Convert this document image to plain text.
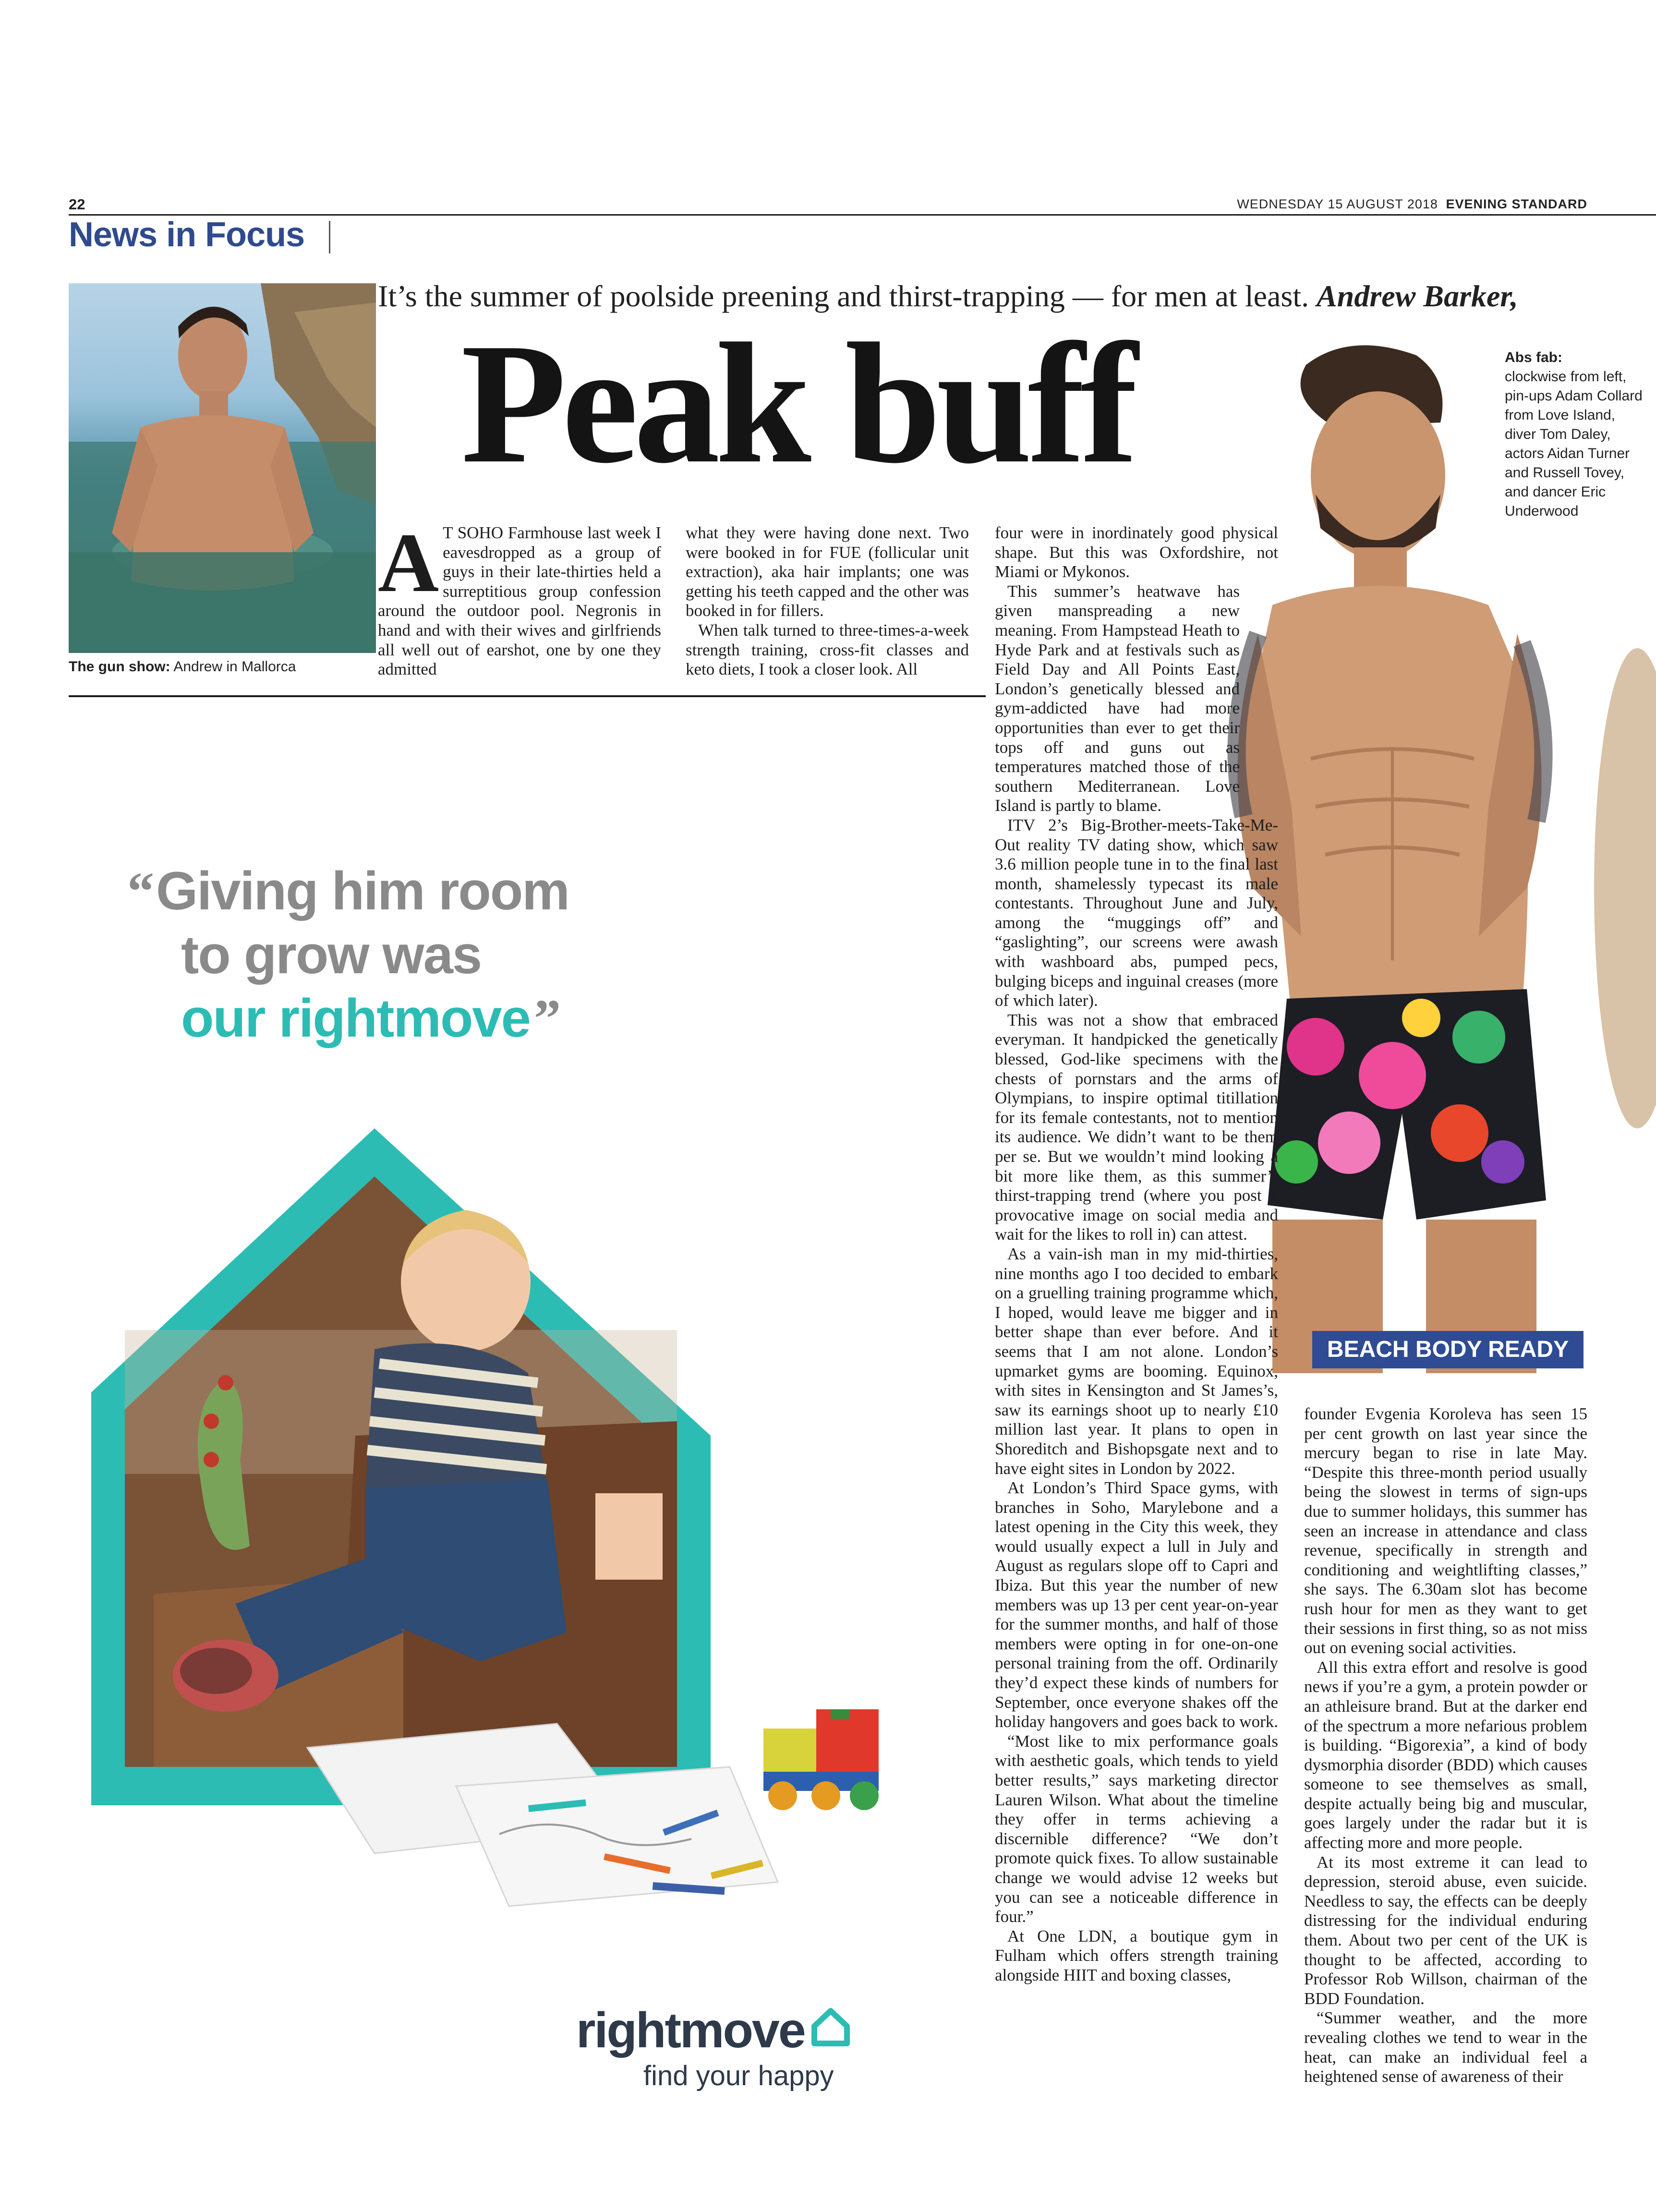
22	WEDNESDAY 15 AUGUST 2018 EVENING STANDARD
News in Focus
The gun show: Andrew in Mallorca
It’s the summer of poolside preening and thirst-trapping — for men at least. Andrew Barker,
Peak buff	Abs fab:
clockwise from left, pin-ups Adam Collard from Love Island, diver Tom Daley, actors Aidan Turner and Russell Tovey, and dancer Eric Underwood
BEACH BODY READY
A T SOHO Farmhouse last week I eavesdropped as a group of guys in their late-thirties held a surreptitious group confession around the outdoor pool. Negronis in hand and with their wives and girlfriends all well out of earshot, one by one they admitted

what they were having done next. Two were booked in for FUE (follicular unit extraction), aka hair implants; one was getting his teeth capped and the other was booked in for fillers.

When talk turned to three-times-a-week strength training, cross-fit classes and keto diets, I took a closer look. All

four were in inordinately good physical shape. But this was Oxfordshire, not Miami or Mykonos.

This summer’s heatwave has given manspreading a new meaning. From Hampstead Heath to Hyde Park and at festivals such as Field Day and All Points East, London’s genetically blessed and gym-addicted have had more opportunities than ever to get their tops off and guns out as temperatures matched those of the southern Mediterranean. Love Island is partly to blame.

ITV 2’s Big-Brother-meets-Take-Me-Out reality TV dating show, which saw 3.6 million people tune in to the final last month, shamelessly typecast its male contestants. Throughout June and July, among the “muggings off” and “gaslighting”, our screens were awash with washboard abs, pumped pecs, bulging biceps and inguinal creases (more of which later).

This was not a show that embraced everyman. It handpicked the genetically blessed, God-like specimens with the chests of pornstars and the arms of Olympians, to inspire optimal titillation for its female contestants, not to mention its audience. We didn’t want to be them per se. But we wouldn’t mind looking a bit more like them, as this summer’s thirst-trapping trend (where you post a provocative image on social media and wait for the likes to roll in) can attest.

As a vain-ish man in my mid-thirties, nine months ago I too decided to embark on a gruelling training programme which, I hoped, would leave me bigger and in better shape than ever before. And it seems that I am not alone. London’s upmarket gyms are booming. Equinox, with sites in Kensington and St James’s, saw its earnings shoot up to nearly £10 million last year. It plans to open in Shoreditch and Bishopsgate next and to have eight sites in London by 2022.

At London’s Third Space gyms, with branches in Soho, Marylebone and a latest opening in the City this week, they would usually expect a lull in July and August as regulars slope off to Capri and Ibiza. But this year the number of new members was up 13 per cent year-on-year for the summer months, and half of those members were opting in for one-on-one personal training from the off. Ordinarily they’d expect these kinds of numbers for September, once everyone shakes off the holiday hangovers and goes back to work.

“Most like to mix performance goals with aesthetic goals, which tends to yield better results,” says marketing director Lauren Wilson. What about the timeline they offer in terms achieving a discernible difference? “We don’t promote quick fixes. To allow sustainable change we would advise 12 weeks but you can see a noticeable difference in four.”

At One LDN, a boutique gym in Fulham which offers strength training alongside HIIT and boxing classes,

founder Evgenia Koroleva has seen 15 per cent growth on last year since the mercury began to rise in late May. “Despite this three-month period usually being the slowest in terms of sign-ups due to summer holidays, this summer has seen an increase in attendance and class revenue, specifically in strength and conditioning and weightlifting classes,” she says. The 6.30am slot has become rush hour for men as they want to get their sessions in first thing, so as not miss out on evening social activities.

All this extra effort and resolve is good news if you’re a gym, a protein powder or an athleisure brand. But at the darker end of the spectrum a more nefarious problem is building. “Bigorexia”, a kind of body dysmorphia disorder (BDD) which causes someone to see themselves as small, despite actually being big and muscular, goes largely under the radar but it is affecting more and more people.

At its most extreme it can lead to depression, steroid abuse, even suicide. Needless to say, the effects can be deeply distressing for the individual enduring them. About two per cent of the UK is thought to be affected, according to Professor Rob Willson, chairman of the BDD Foundation.

“Summer weather, and the more revealing clothes we tend to wear in the heat, can make an individual feel a heightened sense of awareness of their

“Giving him room
to grow was
our rightmove”
rightmove
find your happy
